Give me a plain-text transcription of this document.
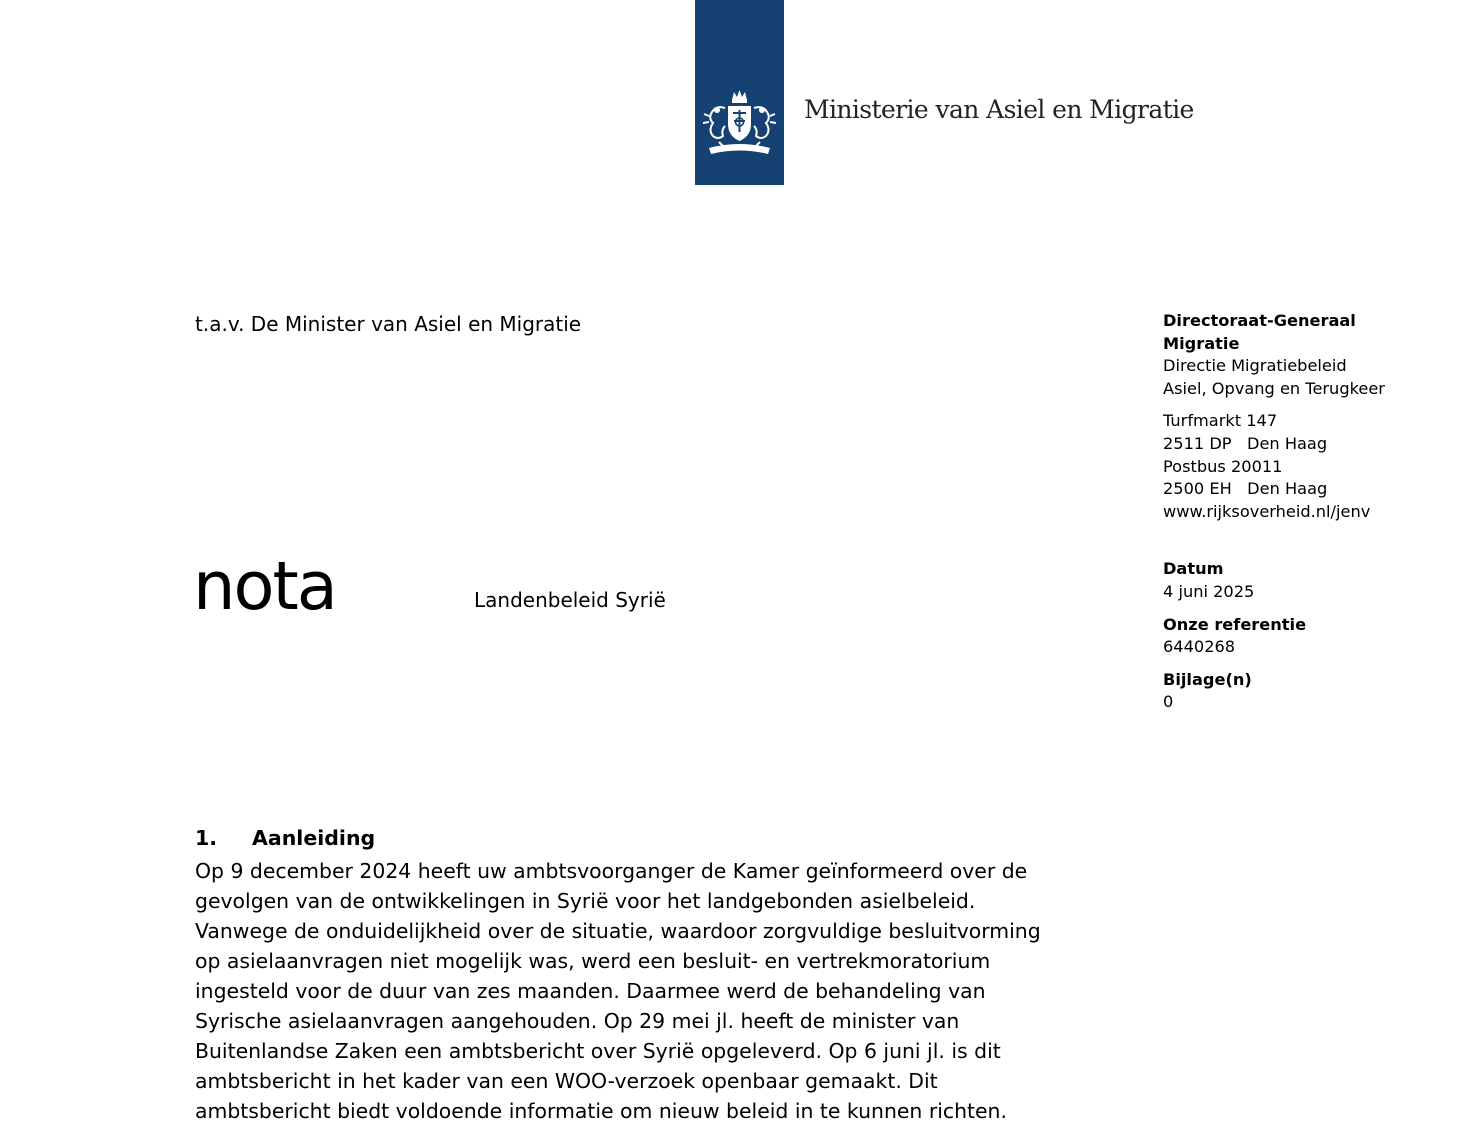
Ministerie van Asiel en Migratie
t.a.v. De Minister van Asiel en Migratie	Directoraat-Generaal
Migratie
Directie Migratiebeleid
Asiel, Opvang en Terugkeer
Turfmarkt 147
2511 DP   Den Haag
Postbus 20011
2500 EH   Den Haag
www.rijksoverheid.nl/jenv
Datum
4 juni 2025
Onze referentie
6440268
Bijlage(n)
0
nota	Landenbeleid Syrië
1. Aanleiding
Op 9 december 2024 heeft uw ambtsvoorganger de Kamer geïnformeerd over de
gevolgen van de ontwikkelingen in Syrië voor het landgebonden asielbeleid.
Vanwege de onduidelijkheid over de situatie, waardoor zorgvuldige besluitvorming
op asielaanvragen niet mogelijk was, werd een besluit- en vertrekmoratorium
ingesteld voor de duur van zes maanden. Daarmee werd de behandeling van
Syrische asielaanvragen aangehouden. Op 29 mei jl. heeft de minister van
Buitenlandse Zaken een ambtsbericht over Syrië opgeleverd. Op 6 juni jl. is dit
ambtsbericht in het kader van een WOO-verzoek openbaar gemaakt. Dit
ambtsbericht biedt voldoende informatie om nieuw beleid in te kunnen richten.
